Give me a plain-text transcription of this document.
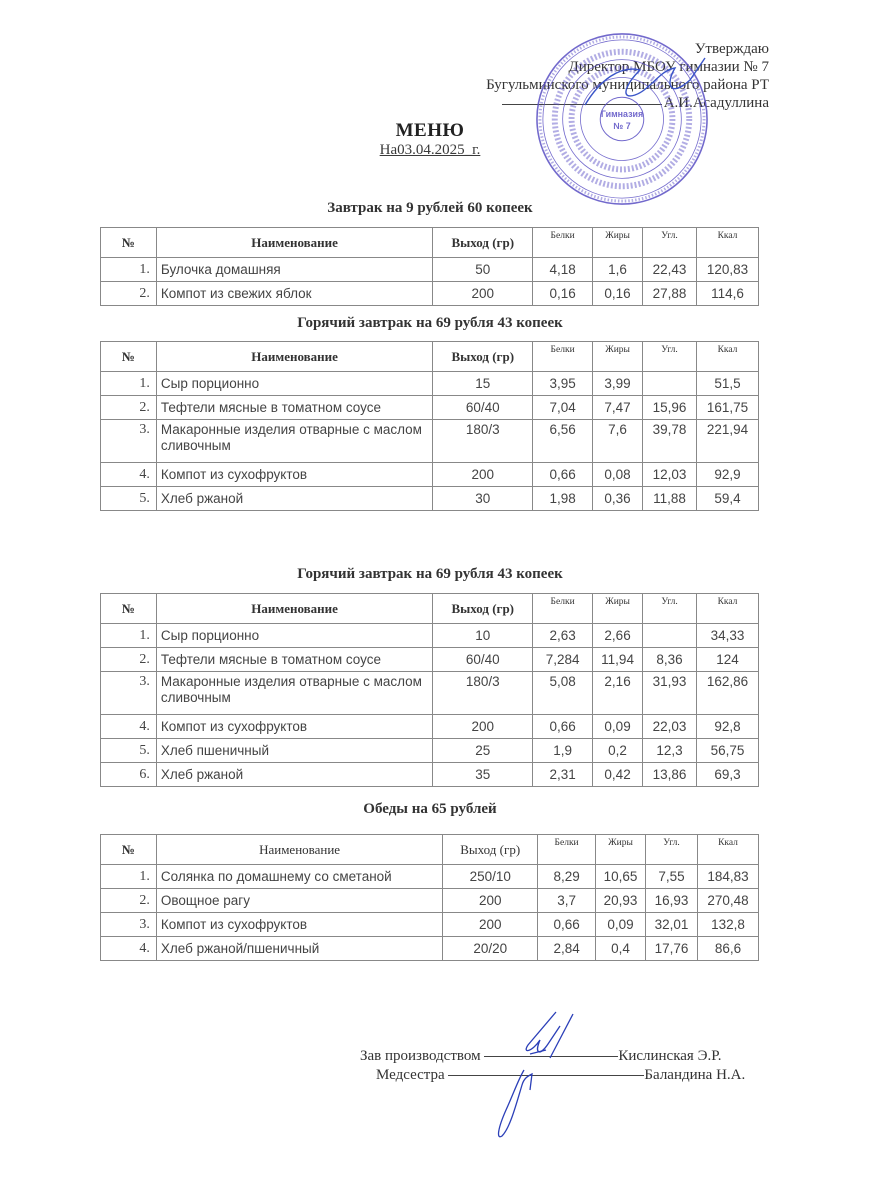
Утверждаю
Директор МБОУ гимназии № 7
Бугульминского муниципального района РТ
А.И.Асадуллина
Гимназия
№ 7
МЕНЮ
На03.04.2025_г.
Завтрак на 9 рублей 60 копеек
№	Наименование	Выход (гр)	Белки	Жиры	Угл.	Ккал
1.	Булочка домашняя	50	4,18	1,6	22,43	120,83
2.	Компот из свежих яблок	200	0,16	0,16	27,88	114,6
Горячий завтрак на 69 рубля 43 копеек
№	Наименование	Выход (гр)	Белки	Жиры	Угл.	Ккал
1.	Сыр порционно	15	3,95	3,99		51,5
2.	Тефтели мясные в томатном соусе	60/40	7,04	7,47	15,96	161,75
3.	Макаронные изделия отварные с маслом сливочным	180/3	6,56	7,6	39,78	221,94
4.	Компот из сухофруктов	200	0,66	0,08	12,03	92,9
5.	Хлеб ржаной	30	1,98	0,36	11,88	59,4
Горячий завтрак на 69 рубля 43 копеек
№	Наименование	Выход (гр)	Белки	Жиры	Угл.	Ккал
1.	Сыр порционно	10	2,63	2,66		34,33
2.	Тефтели мясные в томатном соусе	60/40	7,284	11,94	8,36	124
3.	Макаронные изделия отварные с маслом сливочным	180/3	5,08	2,16	31,93	162,86
4.	Компот из сухофруктов	200	0,66	0,09	22,03	92,8
5.	Хлеб пшеничный	25	1,9	0,2	12,3	56,75
6.	Хлеб ржаной	35	2,31	0,42	13,86	69,3
Обеды на 65 рублей
№	Наименование	Выход (гр)	Белки	Жиры	Угл.	Ккал
1.	Солянка по домашнему со сметаной	250/10	8,29	10,65	7,55	184,83
2.	Овощное рагу	200	3,7	20,93	16,93	270,48
3.	Компот из сухофруктов	200	0,66	0,09	32,01	132,8
4.	Хлеб ржаной/пшеничный	20/20	2,84	0,4	17,76	86,6
Зав производством	Кислинская Э.Р.
Медсестра	Баландина Н.А.
